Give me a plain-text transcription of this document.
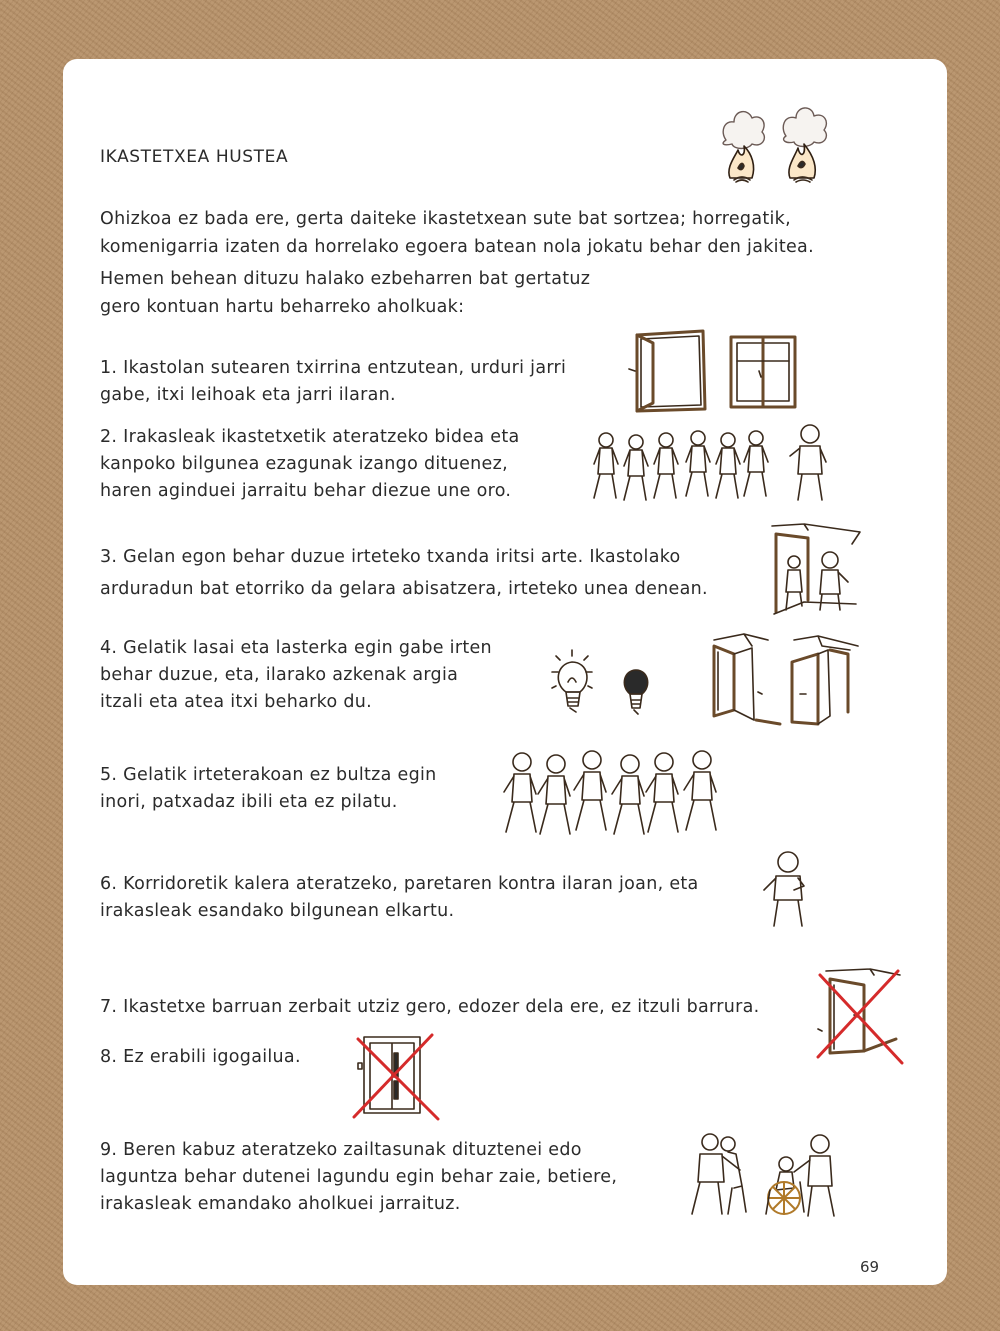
IKASTETXEA HUSTEA

Ohizkoa ez bada ere, gerta daiteke ikastetxean sute bat sortzea; horregatik,

komenigarria izaten da horrelako egoera batean nola jokatu behar den jakitea.

Hemen behean dituzu halako ezbeharren bat gertatuz

gero kontuan hartu beharreko aholkuak:

1. Ikastolan sutearen txirrina entzutean, urduri jarri
gabe, itxi leihoak eta jarri ilaran.

2. Irakasleak ikastetxetik ateratzeko bidea eta
kanpoko bilgunea ezagunak izango dituenez,
haren aginduei jarraitu behar diezue une oro.

3. Gelan egon behar duzue irteteko txanda iritsi arte. Ikastolako
arduradun bat etorriko da gelara abisatzera, irteteko unea denean.

4. Gelatik lasai eta lasterka egin gabe irten
behar duzue, eta, ilarako azkenak argia
itzali eta atea itxi beharko du.

5. Gelatik irteterakoan ez bultza egin
inori, patxadaz ibili eta ez pilatu.

6. Korridoretik kalera ateratzeko, paretaren kontra ilaran joan, eta
irakasleak esandako bilgunean elkartu.

7. Ikastetxe barruan zerbait utziz gero, edozer dela ere, ez itzuli barrura.

8. Ez erabili igogailua.

9. Beren kabuz ateratzeko zailtasunak dituztenei edo
laguntza behar dutenei lagundu egin behar zaie, betiere,
irakasleak emandako aholkuei jarraituz.

69
